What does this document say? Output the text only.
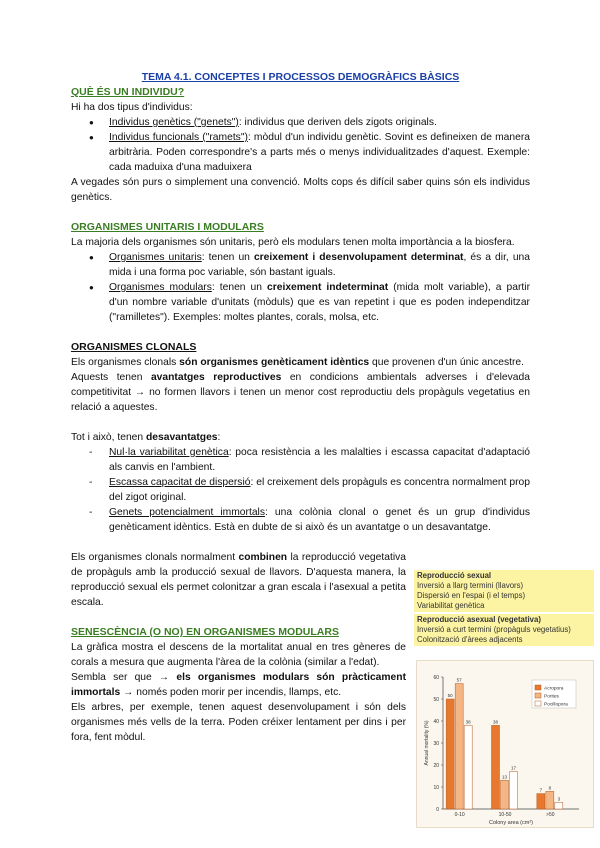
TEMA 4.1. CONCEPTES I PROCESSOS DEMOGRÀFICS BÀSICS

QUÈ ÉS UN INDIVIDU?

Hi ha dos tipus d'individus:

● Individus genètics ("genets"): individus que deriven dels zigots originals.
● Individus funcionals ("ramets"): mòdul d'un individu genètic. Sovint es defineixen de manera arbitrària. Poden correspondre's a parts més o menys individualitzades d'aquest. Exemple: cada maduixa d'una maduixera

A vegades són purs o simplement una convenció. Molts cops és difícil saber quins són els individus genètics.

ORGANISMES UNITARIS I MODULARS

La majoria dels organismes són unitaris, però els modulars tenen molta importància a la biosfera.

● Organismes unitaris: tenen un creixement i desenvolupament determinat, és a dir, una mida i una forma poc variable, són bastant iguals.
● Organismes modulars: tenen un creixement indeterminat (mida molt variable), a partir d'un nombre variable d'unitats (mòduls) que es van repetint i que es poden independitzar ("ramilletes"). Exemples: moltes plantes, corals, molsa, etc.

ORGANISMES CLONALS

Els organismes clonals són organismes genèticament idèntics que provenen d'un únic ancestre.

Aquests tenen avantatges reproductives en condicions ambientals adverses i d'elevada competitivitat → no formen llavors i tenen un menor cost reproductiu dels propàguls vegetatius en relació a aquestes.

Tot i això, tenen desavantatges:

- Nul·la variabilitat genètica: poca resistència a les malalties i escassa capacitat d'adaptació als canvis en l'ambient.
- Escassa capacitat de dispersió: el creixement dels propàguls es concentra normalment prop del zigot original.
- Genets potencialment immortals: una colònia clonal o genet és un grup d'individus genèticament idèntics. Està en dubte de si això és un avantatge o un desavantatge.

Els organismes clonals normalment combinen la reproducció vegetativa de propàguls amb la producció sexual de llavors. D'aquesta manera, la reproducció sexual els permet colonitzar a gran escala i l'asexual a petita escala.

SENESCÈNCIA (O NO) EN ORGANISMES MODULARS

La gràfica mostra el descens de la mortalitat anual en tres gèneres de corals a mesura que augmenta l'àrea de la colònia (similar a l'edat).

Sembla ser que → els organismes modulars són pràcticament immortals → només poden morir per incendis, llamps, etc.

Els arbres, per exemple, tenen aquest desenvolupament i són dels organismes més vells de la terra. Poden créixer lentament per dins i per fora, fent mòdul.

Reproducció sexual
Inversió a llarg termini (llavors)
Dispersió en l'espai (i el temps)
Variabilitat genètica
Reproducció asexual (vegetativa)
Inversió a curt termini (propàguls vegetatius)
Colonització d'àrees adjacents
0
10
20
30
40
50
60
Annual mortality (%)
Colony area (cm²)
50
57
38
0-10
38
13
17
10-50
7 8
3
>50
Acropora
Porites
Pocillopora
